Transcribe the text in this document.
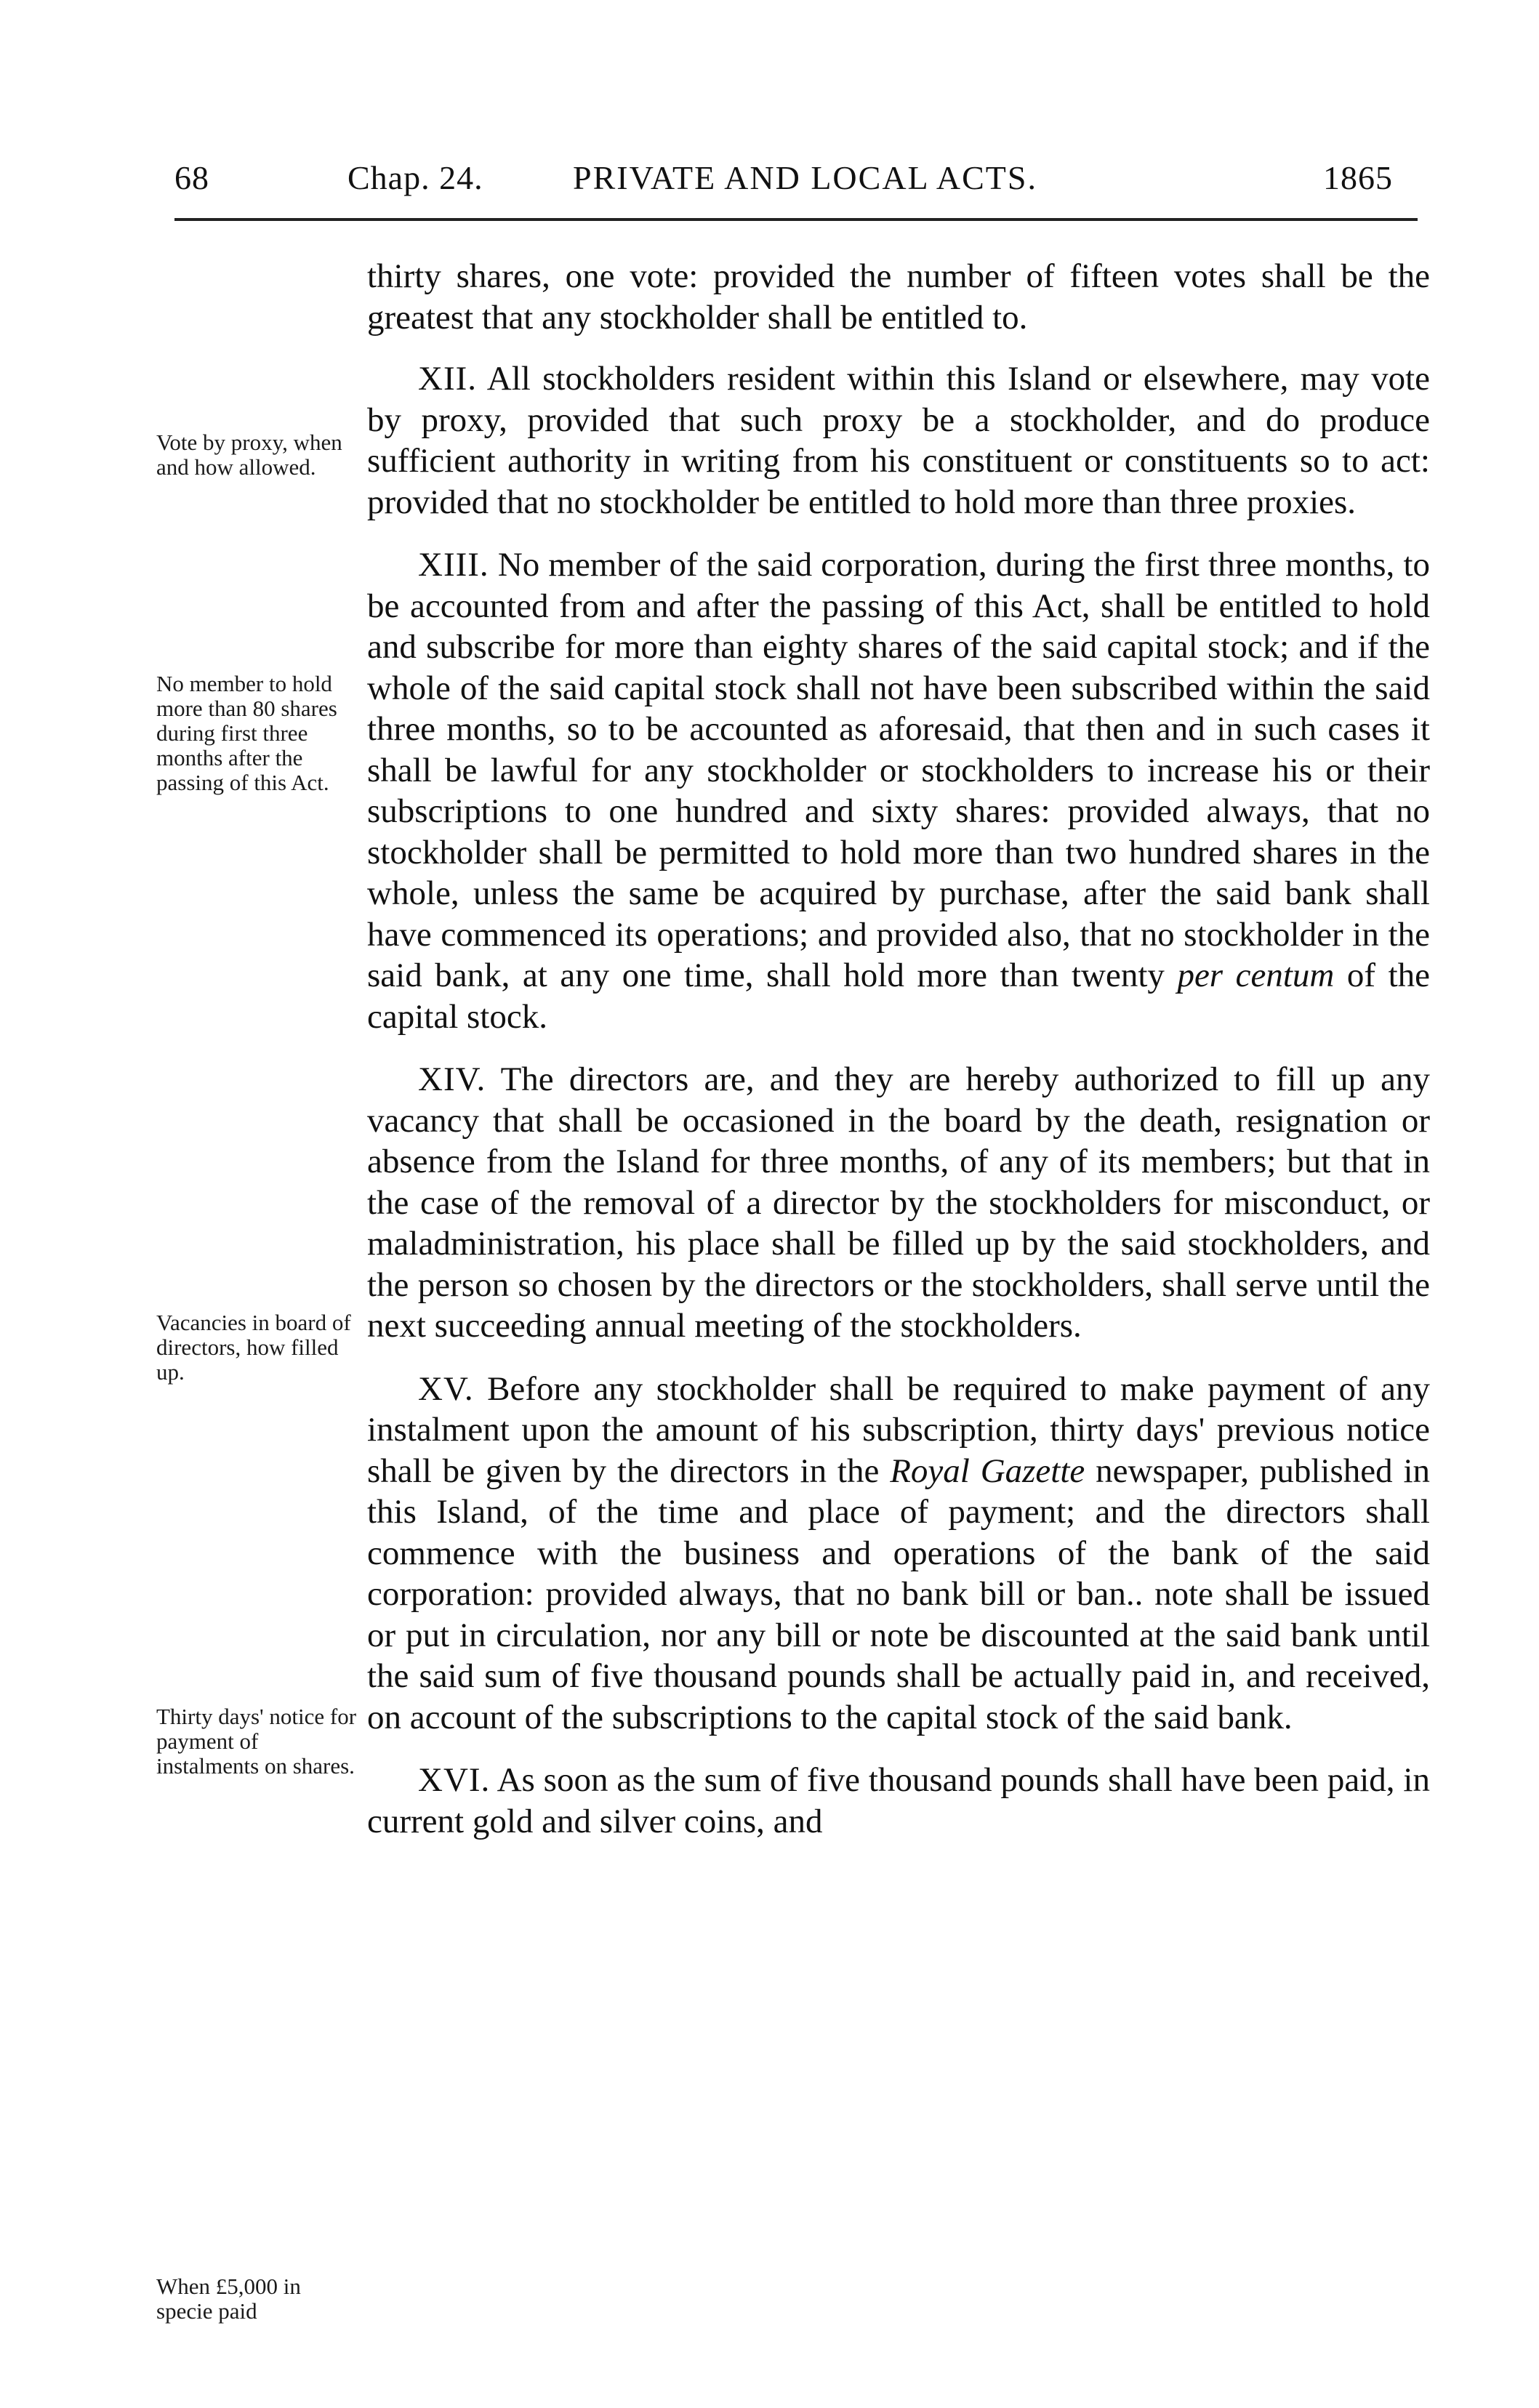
68	Chap. 24.	PRIVATE AND LOCAL ACTS.	1865
Vote by proxy, when and how allowed.
No member to hold more than 80 shares during first three months after the passing of this Act.
Vacancies in board of directors, how filled up.
Thirty days' notice for payment of instalments on shares.
When £5,000 in specie paid

thirty shares, one vote: provided the number of fifteen votes shall be the greatest that any stockholder shall be entitled to.

XII. All stockholders resident within this Island or elsewhere, may vote by proxy, provided that such proxy be a stockholder, and do produce sufficient authority in writing from his constituent or constituents so to act: provided that no stockholder be entitled to hold more than three proxies.

XIII. No member of the said corporation, during the first three months, to be accounted from and after the passing of this Act, shall be entitled to hold and subscribe for more than eighty shares of the said capital stock; and if the whole of the said capital stock shall not have been subscribed within the said three months, so to be accounted as aforesaid, that then and in such cases it shall be lawful for any stockholder or stockholders to increase his or their subscriptions to one hundred and sixty shares: provided always, that no stockholder shall be permitted to hold more than two hundred shares in the whole, unless the same be acquired by purchase, after the said bank shall have commenced its operations; and provided also, that no stockholder in the said bank, at any one time, shall hold more than twenty per centum of the capital stock.

XIV. The directors are, and they are hereby authorized to fill up any vacancy that shall be occasioned in the board by the death, resignation or absence from the Island for three months, of any of its members; but that in the case of the removal of a director by the stockholders for misconduct, or maladministration, his place shall be filled up by the said stockholders, and the person so chosen by the directors or the stockholders, shall serve until the next succeeding annual meeting of the stockholders.

XV. Before any stockholder shall be required to make payment of any instalment upon the amount of his subscription, thirty days' previous notice shall be given by the directors in the Royal Gazette newspaper, published in this Island, of the time and place of payment; and the directors shall commence with the business and operations of the bank of the said corporation: provided always, that no bank bill or ban.. note shall be issued or put in circulation, nor any bill or note be discounted at the said bank until the said sum of five thousand pounds shall be actually paid in, and received, on account of the subscriptions to the capital stock of the said bank.

XVI. As soon as the sum of five thousand pounds shall have been paid, in current gold and silver coins, and
